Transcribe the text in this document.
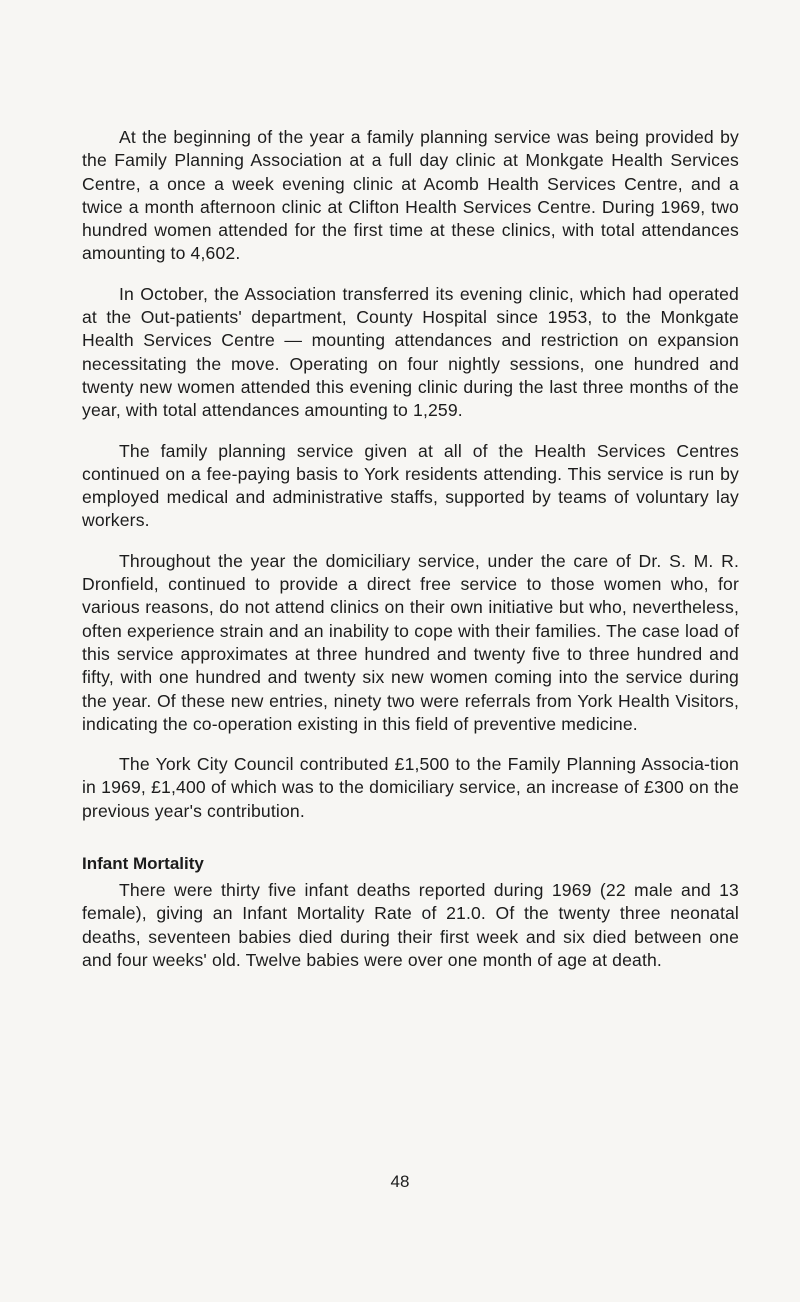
At the beginning of the year a family planning service was being provided by the Family Planning Association at a full day clinic at Monkgate Health Services Centre, a once a week evening clinic at Acomb Health Services Centre, and a twice a month afternoon clinic at Clifton Health Services Centre. During 1969, two hundred women attended for the first time at these clinics, with total attendances amounting to 4,602.

In October, the Association transferred its evening clinic, which had operated at the Out-patients' department, County Hospital since 1953, to the Monkgate Health Services Centre — mounting attendances and restriction on expansion necessitating the move. Operating on four nightly sessions, one hundred and twenty new women attended this evening clinic during the last three months of the year, with total attendances amounting to 1,259.

The family planning service given at all of the Health Services Centres continued on a fee-paying basis to York residents attending. This service is run by employed medical and administrative staffs, supported by teams of voluntary lay workers.

Throughout the year the domiciliary service, under the care of Dr. S. M. R. Dronfield, continued to provide a direct free service to those women who, for various reasons, do not attend clinics on their own initiative but who, nevertheless, often experience strain and an inability to cope with their families. The case load of this service approximates at three hundred and twenty five to three hundred and fifty, with one hundred and twenty six new women coming into the service during the year. Of these new entries, ninety two were referrals from York Health Visitors, indicating the co-operation existing in this field of preventive medicine.

The York City Council contributed £1,500 to the Family Planning Associa-tion in 1969, £1,400 of which was to the domiciliary service, an increase of £300 on the previous year's contribution.

Infant Mortality

There were thirty five infant deaths reported during 1969 (22 male and 13 female), giving an Infant Mortality Rate of 21.0. Of the twenty three neonatal deaths, seventeen babies died during their first week and six died between one and four weeks' old. Twelve babies were over one month of age at death.

48
